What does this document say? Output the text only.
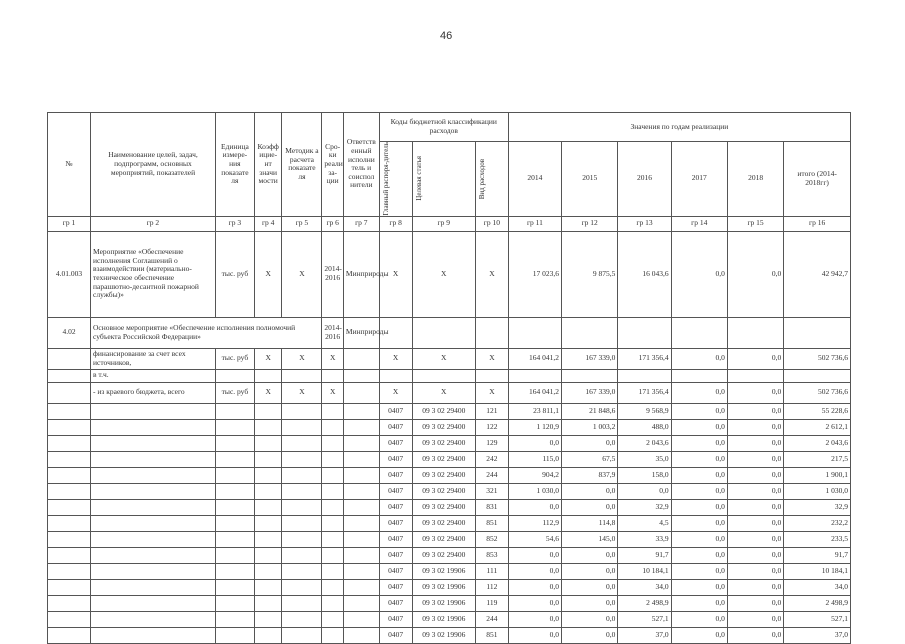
46
№	Наименование целей, задач, подпрограмм, основных мероприятий, показателей	Единица измере-ния показате ля	Коэфф ицие-нт значи мости	Методик а расчета показате ля	Сро-ки реали за-ции	Ответств енный исполни тель и соиспол нители	Коды бюджетной классификации расходов			Значения по годам реализации					

							Главный распоря-дитель	Целевая статья	Вид расходов	2014	2015	2016	2017	2018	итого (2014-2018гг)
гр 1	гр 2	гр 3	гр 4	гр 5	гр 6	гр 7	гр 8	гр 9	гр 10	гр 11	гр 12	гр 13	гр 14	гр 15	гр 16
4.01.003	Мероприятие «Обеспечение исполнения Соглашений о взаимодействии (материально-техническое обеспечение парашютно-десантной пожарной службы)»	тыс. руб	Х	Х	2014-2016	Минприроды	Х	Х	Х	17 023,6	9 875,5	16 043,6	0,0	0,0	42 942,7
4.02	Основное мероприятие «Обеспечение исполнения полномочий субъекта Российской Федерации»				2014-2016	Минприроды									
	финансирование за счет всех источников,	тыс. руб	Х	Х	Х		Х	Х	Х	164 041,2	167 339,0	171 356,4	0,0	0,0	502 736,6
	в т.ч.														
	- из краевого бюджета, всего	тыс. руб	Х	Х	Х		Х	Х	Х	164 041,2	167 339,0	171 356,4	0,0	0,0	502 736,6
							0407	09 3 02 29400	121	23 811,1	21 848,6	9 568,9	0,0	0,0	55 228,6
							0407	09 3 02 29400	122	1 120,9	1 003,2	488,0	0,0	0,0	2 612,1
							0407	09 3 02 29400	129	0,0	0,0	2 043,6	0,0	0,0	2 043,6
							0407	09 3 02 29400	242	115,0	67,5	35,0	0,0	0,0	217,5
							0407	09 3 02 29400	244	904,2	837,9	158,0	0,0	0,0	1 900,1
							0407	09 3 02 29400	321	1 030,0	0,0	0,0	0,0	0,0	1 030,0
							0407	09 3 02 29400	831	0,0	0,0	32,9	0,0	0,0	32,9
							0407	09 3 02 29400	851	112,9	114,8	4,5	0,0	0,0	232,2
							0407	09 3 02 29400	852	54,6	145,0	33,9	0,0	0,0	233,5
							0407	09 3 02 29400	853	0,0	0,0	91,7	0,0	0,0	91,7
							0407	09 3 02 19906	111	0,0	0,0	10 184,1	0,0	0,0	10 184,1
							0407	09 3 02 19906	112	0,0	0,0	34,0	0,0	0,0	34,0
							0407	09 3 02 19906	119	0,0	0,0	2 498,9	0,0	0,0	2 498,9
							0407	09 3 02 19906	244	0,0	0,0	527,1	0,0	0,0	527,1
							0407	09 3 02 19906	851	0,0	0,0	37,0	0,0	0,0	37,0
